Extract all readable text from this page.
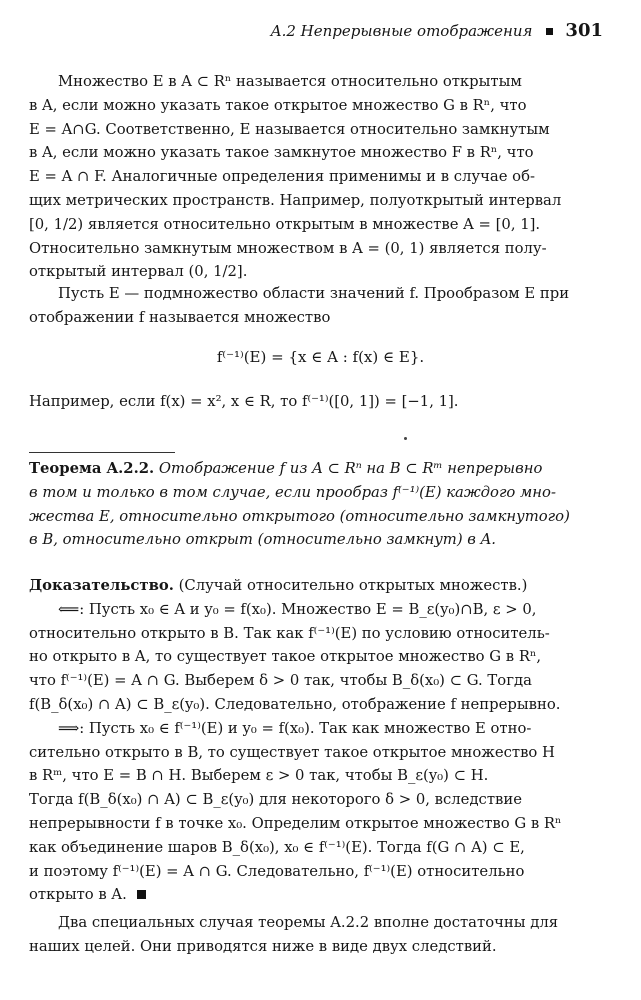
A.2 Непрерывные отображения 301

Множество E в A ⊂ Rⁿ называется относительно открытым

в A, если можно указать такое открытое множество G в Rⁿ, что

E = A∩G. Соответственно, E называется относительно замкнутым

в A, если можно указать такое замкнутое множество F в Rⁿ, что

E = A ∩ F. Аналогичные определения применимы и в случае об-

щих метрических пространств. Например, полуоткрытый интервал

[0, 1/2) является относительно открытым в множестве A = [0, 1].

Относительно замкнутым множеством в A = (0, 1) является полу-

открытый интервал (0, 1/2].

Пусть E — подмножество области значений f. Прообразом E при

отображении f называется множество

f⁽⁻¹⁾(E) = {x ∈ A : f(x) ∈ E}.

Например, если f(x) = x², x ∈ R, то f⁽⁻¹⁾([0, 1]) = [−1, 1].

Теорема A.2.2. Отображение f из A ⊂ Rⁿ на B ⊂ Rᵐ непрерывно

в том и только в том случае, если прообраз f⁽⁻¹⁾(E) каждого мно-

жества E, относительно открытого (относительно замкнутого)

в B, относительно открыт (относительно замкнут) в A.

Доказательство. (Случай относительно открытых множеств.)

⟸: Пусть x₀ ∈ A и y₀ = f(x₀). Множество E = B_ε(y₀)∩B, ε > 0,

относительно открыто в B. Так как f⁽⁻¹⁾(E) по условию относитель-

но открыто в A, то существует такое открытое множество G в Rⁿ,

что f⁽⁻¹⁾(E) = A ∩ G. Выберем δ > 0 так, чтобы B_δ(x₀) ⊂ G. Тогда

f(B_δ(x₀) ∩ A) ⊂ B_ε(y₀). Следовательно, отображение f непрерывно.

⟹: Пусть x₀ ∈ f⁽⁻¹⁾(E) и y₀ = f(x₀). Так как множество E отно-

сительно открыто в B, то существует такое открытое множество H

в Rᵐ, что E = B ∩ H. Выберем ε > 0 так, чтобы B_ε(y₀) ⊂ H.

Тогда f(B_δ(x₀) ∩ A) ⊂ B_ε(y₀) для некоторого δ > 0, вследствие

непрерывности f в точке x₀. Определим открытое множество G в Rⁿ

как объединение шаров B_δ(x₀), x₀ ∈ f⁽⁻¹⁾(E). Тогда f(G ∩ A) ⊂ E,

и поэтому f⁽⁻¹⁾(E) = A ∩ G. Следовательно, f⁽⁻¹⁾(E) относительно

открыто в A.

Два специальных случая теоремы A.2.2 вполне достаточны для

наших целей. Они приводятся ниже в виде двух следствий.
